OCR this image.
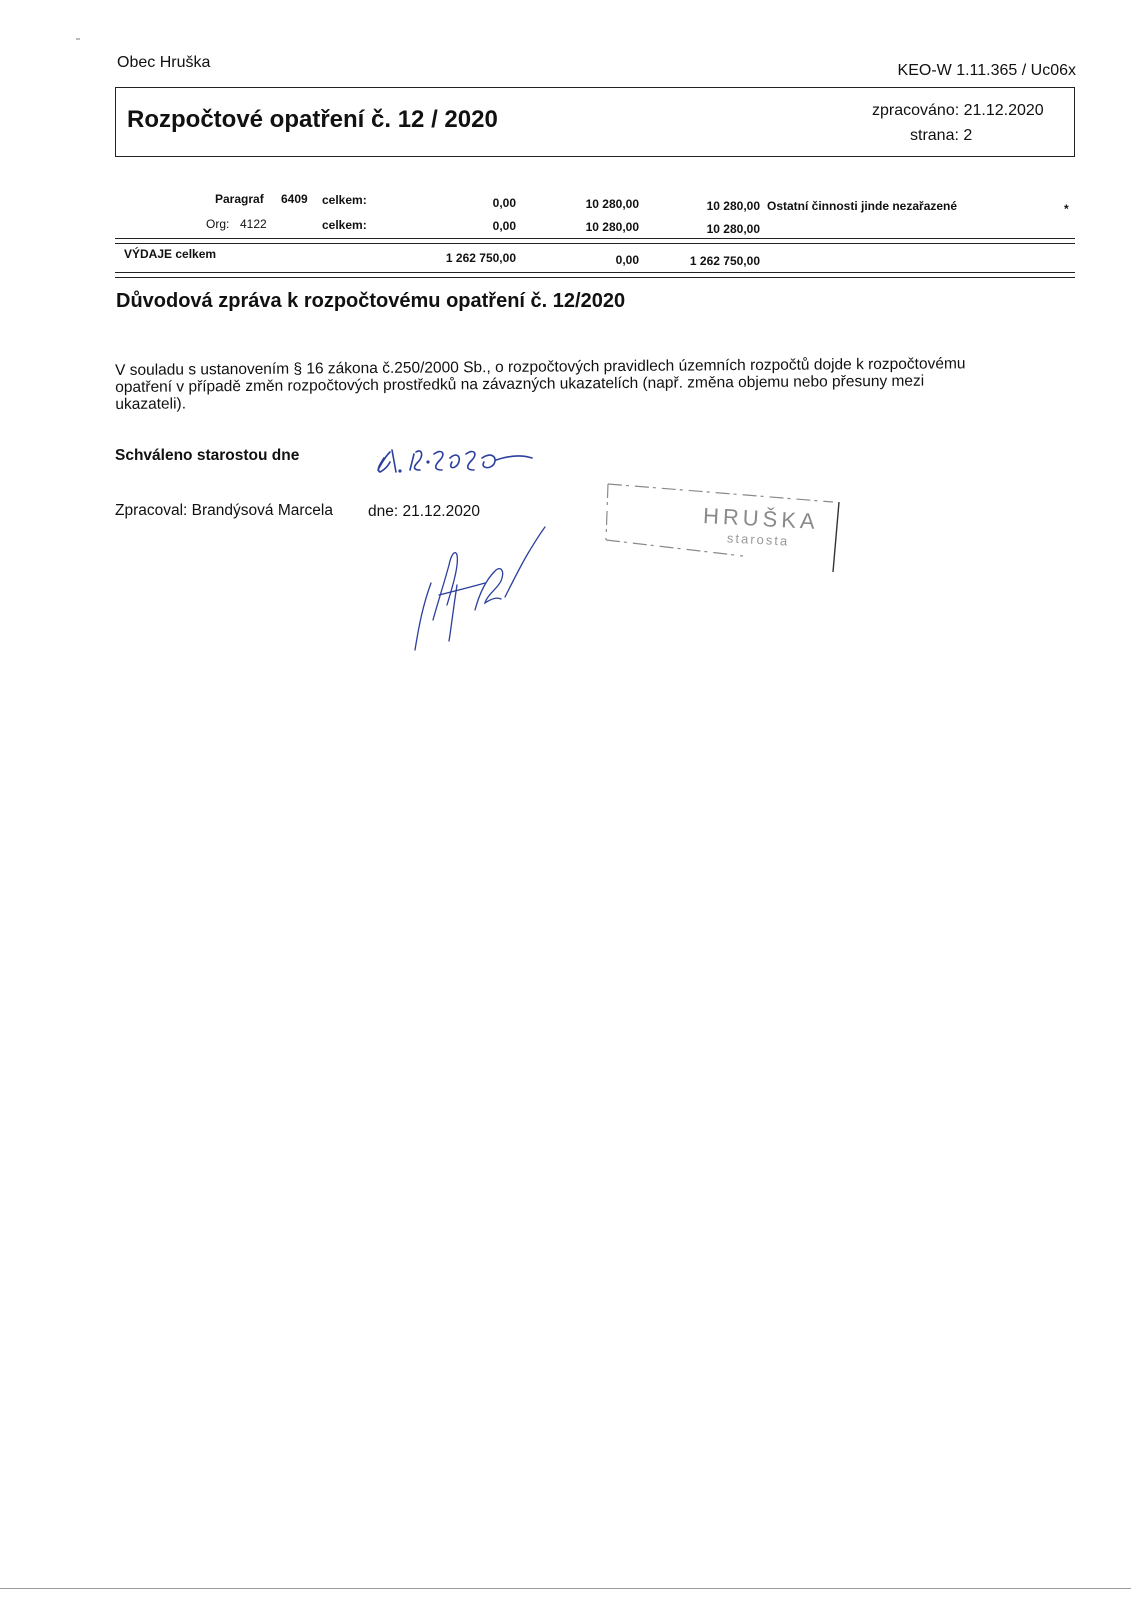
Obec Hruška	KEO-W 1.11.365 / Uc06x
Rozpočtové opatření č. 12 / 2020	zpracováno: 21.12.2020
strana: 2
Paragraf 6409 celkem:	0,00	10 280,00	10 280,00 Ostatní činnosti jinde nezařazené	*
Org: 4122	celkem:	0,00	10 280,00	10 280,00
VÝDAJE celkem	1 262 750,00	0,00	1 262 750,00
Důvodová zpráva k rozpočtovému opatření č. 12/2020
V souladu s ustanovením § 16 zákona č.250/2000 Sb., o rozpočtových pravidlech územních rozpočtů dojde k rozpočtovému
opatření v případě změn rozpočtových prostředků na závazných ukazatelích (např. změna objemu nebo přesuny mezi
ukazateli).
Schváleno starostou dne
Zpracoval: Brandýsová Marcela dne: 21.12.2020	HRUŠKA
starosta
